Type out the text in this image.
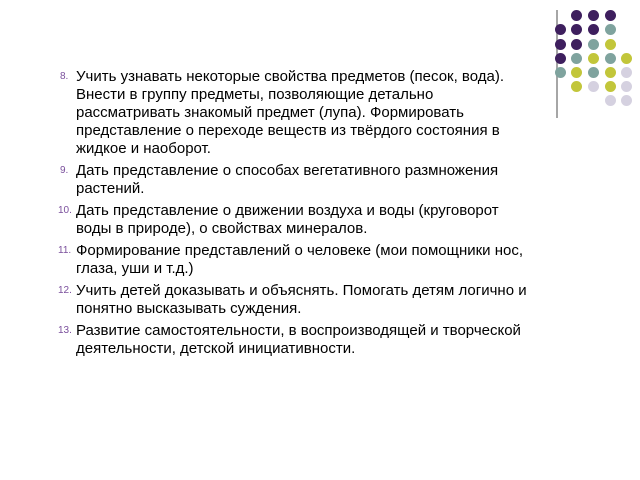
8. Учить узнавать некоторые свойства предметов (песок, вода). Внести в группу предметы, позволяющие детально рассматривать знакомый предмет (лупа). Формировать представление о переходе веществ из твёрдого состояния в жидкое и наоборот.
9. Дать представление о способах вегетативного размножения растений.
10. Дать представление о движении воздуха и воды (круговорот воды в природе), о свойствах минералов.
11. Формирование представлений о человеке (мои помощники нос, глаза, уши и т.д.)
12. Учить детей доказывать и объяснять. Помогать детям логично и понятно высказывать суждения.
13. Развитие самостоятельности, в воспроизводящей и творческой деятельности, детской инициативности.
